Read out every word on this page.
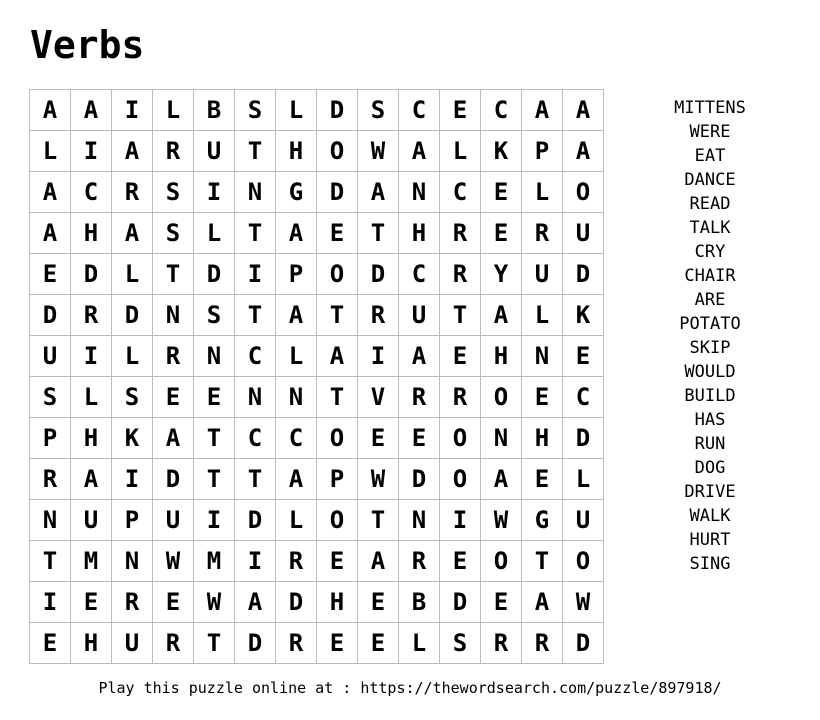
Verbs
A	A	I	L	B	S	L	D	S	C	E	C	A	A
L	I	A	R	U	T	H	O	W	A	L	K	P	A
A	C	R	S	I	N	G	D	A	N	C	E	L	O
A	H	A	S	L	T	A	E	T	H	R	E	R	U
E	D	L	T	D	I	P	O	D	C	R	Y	U	D
D	R	D	N	S	T	A	T	R	U	T	A	L	K
U	I	L	R	N	C	L	A	I	A	E	H	N	E
S	L	S	E	E	N	N	T	V	R	R	O	E	C
P	H	K	A	T	C	C	O	E	E	O	N	H	D
R	A	I	D	T	T	A	P	W	D	O	A	E	L
N	U	P	U	I	D	L	O	T	N	I	W	G	U
T	M	N	W	M	I	R	E	A	R	E	O	T	O
I	E	R	E	W	A	D	H	E	B	D	E	A	W
E	H	U	R	T	D	R	E	E	L	S	R	R	D
MITTENS
WERE
EAT
DANCE
READ
TALK
CRY
CHAIR
ARE
POTATO
SKIP
WOULD
BUILD
HAS
RUN
DOG
DRIVE
WALK
HURT
SING
Play this puzzle online at : https://thewordsearch.com/puzzle/897918/
